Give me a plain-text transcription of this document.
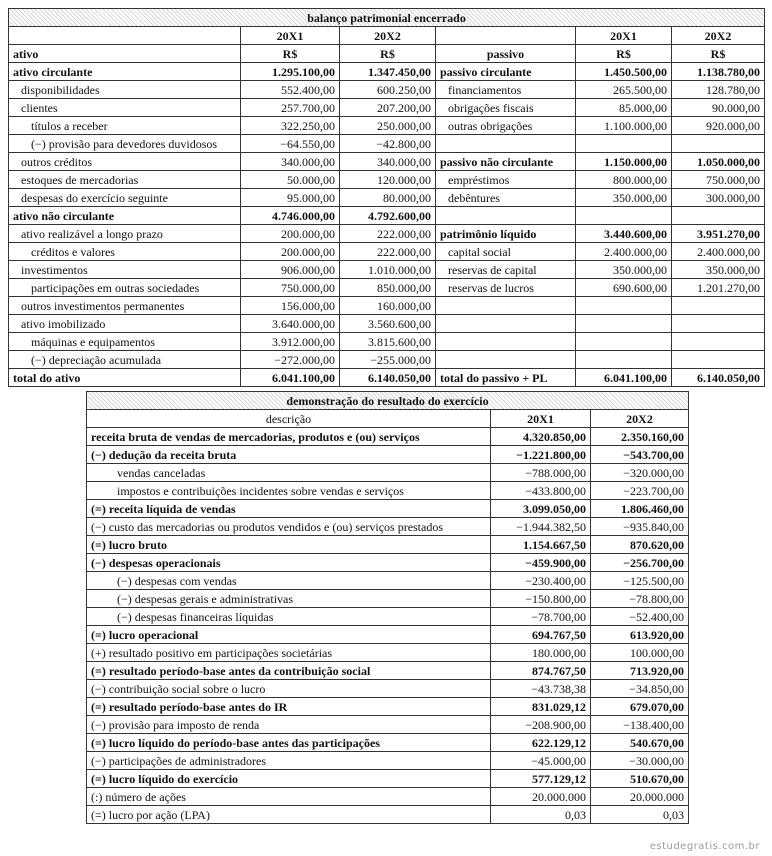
balanço patrimonial encerrado					
	20X1	20X2		20X1	20X2
ativo	R$	R$	passivo	R$	R$
ativo circulante	1.295.100,00	1.347.450,00	passivo circulante	1.450.500,00	1.138.780,00
disponibilidades	552.400,00	600.250,00	financiamentos	265.500,00	128.780,00
clientes	257.700,00	207.200,00	obrigações fiscais	85.000,00	90.000,00
títulos a receber	322.250,00	250.000,00	outras obrigações	1.100.000,00	920.000,00
(−) provisão para devedores duvidosos	−64.550,00	−42.800,00			
outros créditos	340.000,00	340.000,00	passivo não circulante	1.150.000,00	1.050.000,00
estoques de mercadorias	50.000,00	120.000,00	empréstimos	800.000,00	750.000,00
despesas do exercício seguinte	95.000,00	80.000,00	debêntures	350.000,00	300.000,00
ativo não circulante	4.746.000,00	4.792.600,00			
ativo realizável a longo prazo	200.000,00	222.000,00	patrimônio líquido	3.440.600,00	3.951.270,00
créditos e valores	200.000,00	222.000,00	capital social	2.400.000,00	2.400.000,00
investimentos	906.000,00	1.010.000,00	reservas de capital	350.000,00	350.000,00
participações em outras sociedades	750.000,00	850.000,00	reservas de lucros	690.600,00	1.201.270,00
outros investimentos permanentes	156.000,00	160.000,00			
ativo imobilizado	3.640.000,00	3.560.600,00			
máquinas e equipamentos	3.912.000,00	3.815.600,00			
(−) depreciação acumulada	−272.000,00	−255.000,00			
total do ativo	6.041.100,00	6.140.050,00	total do passivo + PL	6.041.100,00	6.140.050,00
demonstração do resultado do exercício		
descrição	20X1	20X2
receita bruta de vendas de mercadorias, produtos e (ou) serviços	4.320.850,00	2.350.160,00
(−) dedução da receita bruta	−1.221.800,00	−543.700,00
vendas canceladas	−788.000,00	−320.000,00
impostos e contribuições incidentes sobre vendas e serviços	−433.800,00	−223.700,00
(=) receita líquida de vendas	3.099.050,00	1.806.460,00
(−) custo das mercadorias ou produtos vendidos e (ou) serviços prestados	−1.944.382,50	−935.840,00
(=) lucro bruto	1.154.667,50	870.620,00
(−) despesas operacionais	−459.900,00	−256.700,00
(−) despesas com vendas	−230.400,00	−125.500,00
(−) despesas gerais e administrativas	−150.800,00	−78.800,00
(−) despesas financeiras líquidas	−78.700,00	−52.400,00
(=) lucro operacional	694.767,50	613.920,00
(+) resultado positivo em participações societárias	180.000,00	100.000,00
(=) resultado período-base antes da contribuição social	874.767,50	713.920,00
(−) contribuição social sobre o lucro	−43.738,38	−34.850,00
(=) resultado período-base antes do IR	831.029,12	679.070,00
(−) provisão para imposto de renda	−208.900,00	−138.400,00
(=) lucro líquido do período-base antes das participações	622.129,12	540.670,00
(−) participações de administradores	−45.000,00	−30.000,00
(=) lucro líquido do exercício	577.129,12	510.670,00
(:) número de ações	20.000.000	20.000.000
(=) lucro por ação (LPA)	0,03	0,03
estudegratis.com.br
